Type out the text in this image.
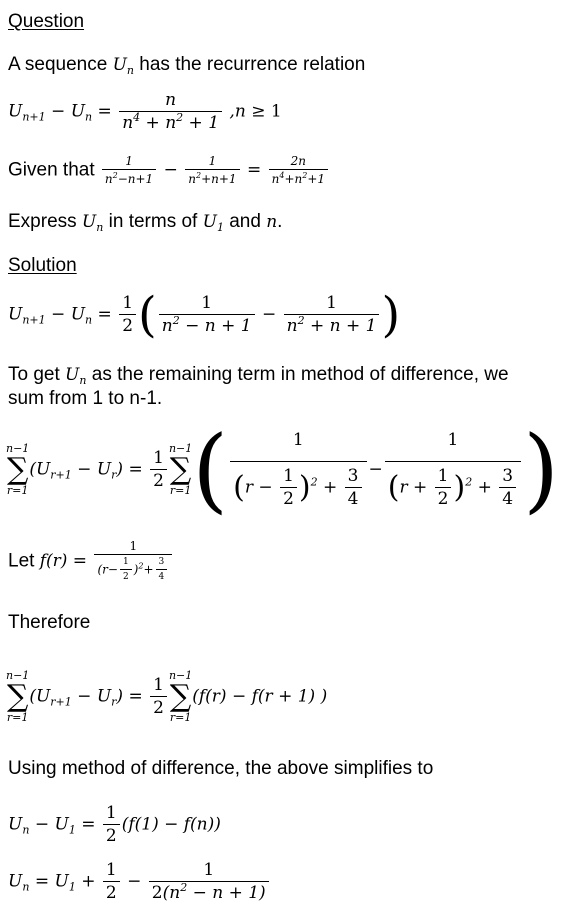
Question
A sequence $U_n$ has the recurrence relation
$U_{n+1} - U_n = \frac{n}{n^4 + n^2 + 1} ,n \ge 1$
Given that $\frac{1}{n^2-n+1} - \frac{1}{n^2+n+1} = \frac{2n}{n^4+n^2+1}$
Express $U_n$ in terms of $U_1$ and n.
Solution
$U_{n+1} - U_n = \frac{1}{2}$ ( $\frac{1}{n^2 - n + 1} - \frac{1}{n^2 + n + 1}$ )
To get $U_n$ as the remaining term in method of difference, we
sum from 1 to n-1.
n−1
∑
r=1
$(U_{r+1} - U_r) = \frac{1}{2}$
n−1
∑
r=1 ( $\frac{1}{(r - \frac{1}{2} )^2 + \frac{3}{4}} - \frac{1}{(r + \frac{1}{2} )^2 + \frac{3}{4}}$ )
Let $f(r) = \frac{1}{(r- \frac{1}{2} )^2+ \frac{3}{4}}$
Therefore
n−1
∑
r=1
$(U_{r+1} - U_r) = \frac{1}{2}$
n−1
∑
r=1
(f(r) − f(r + 1) )
Using method of difference, the above simplifies to
$U_n - U_1 = \frac{1}{2} (f(1) - f(n))$
$U_n = U_1 + \frac{1}{2} - \frac{1}{2(n^2 - n + 1)}$
